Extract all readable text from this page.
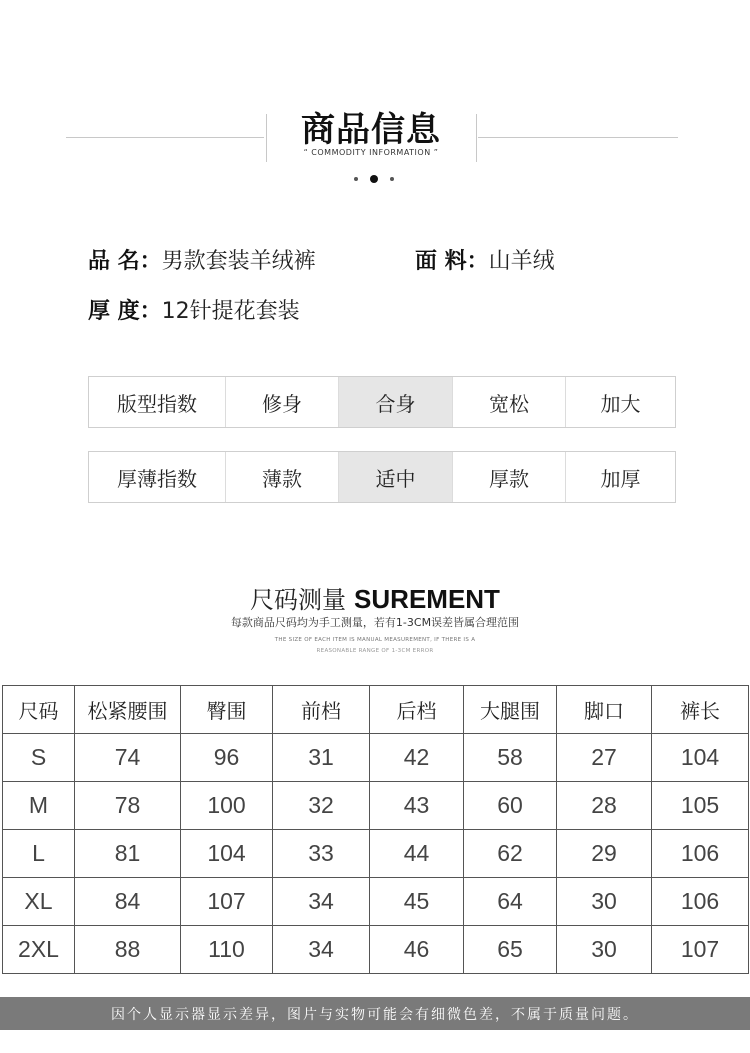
商品信息
“ COMMODITY INFORMATION ”
品 名：男款套装羊绒裤	面 料：山羊绒
厚 度：12针提花套装
版型指数	修身	合身	宽松	加大
厚薄指数	薄款	适中	厚款	加厚
尺码测量 SUREMENT
每款商品尺码均为手工测量，若有1-3CM误差皆属合理范围
THE SIZE OF EACH ITEM IS MANUAL MEASUREMENT, IF THERE IS A
REASONABLE RANGE OF 1-3CM ERROR
尺码	松紧腰围	臀围	前档	后档	大腿围	脚口	裤长
S	74	96	31	42	58	27	104
M	78	100	32	43	60	28	105
L	81	104	33	44	62	29	106
XL	84	107	34	45	64	30	106
2XL	88	110	34	46	65	30	107
因个人显示器显示差异，图片与实物可能会有细微色差，不属于质量问题。
